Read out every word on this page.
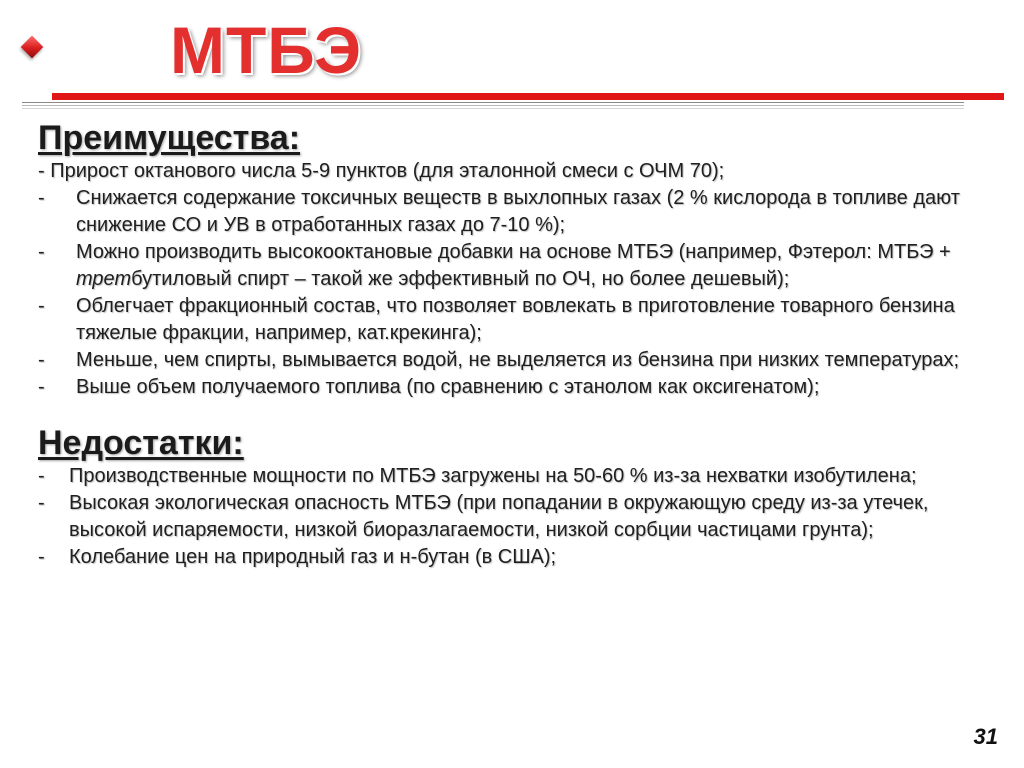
МТБЭ
Преимущества:

- Прирост октанового числа 5-9 пунктов (для эталонной смеси с ОЧМ 70);

- Снижается содержание токсичных веществ в выхлопных газах (2 % кислорода в топливе дают снижение СО и УВ в отработанных газах до 7-10 %);
- Можно производить высокооктановые добавки на основе МТБЭ (например, Фэтерол: МТБЭ + третбутиловый спирт – такой же эффективный по ОЧ, но более дешевый);
- Облегчает фракционный состав, что позволяет вовлекать в приготовление товарного бензина тяжелые фракции, например, кат.крекинга);
- Меньше, чем спирты, вымывается водой, не выделяется из бензина при низких температурах;
- Выше объем получаемого топлива (по сравнению с этанолом как оксигенатом);
Недостатки:
- Производственные мощности по МТБЭ загружены на 50-60 % из-за нехватки изобутилена;
- Высокая экологическая опасность МТБЭ (при попадании в окружающую среду из-за утечек, высокой испаряемости, низкой биоразлагаемости, низкой сорбции частицами грунта);
- Колебание цен на природный газ и н-бутан (в США);
31
